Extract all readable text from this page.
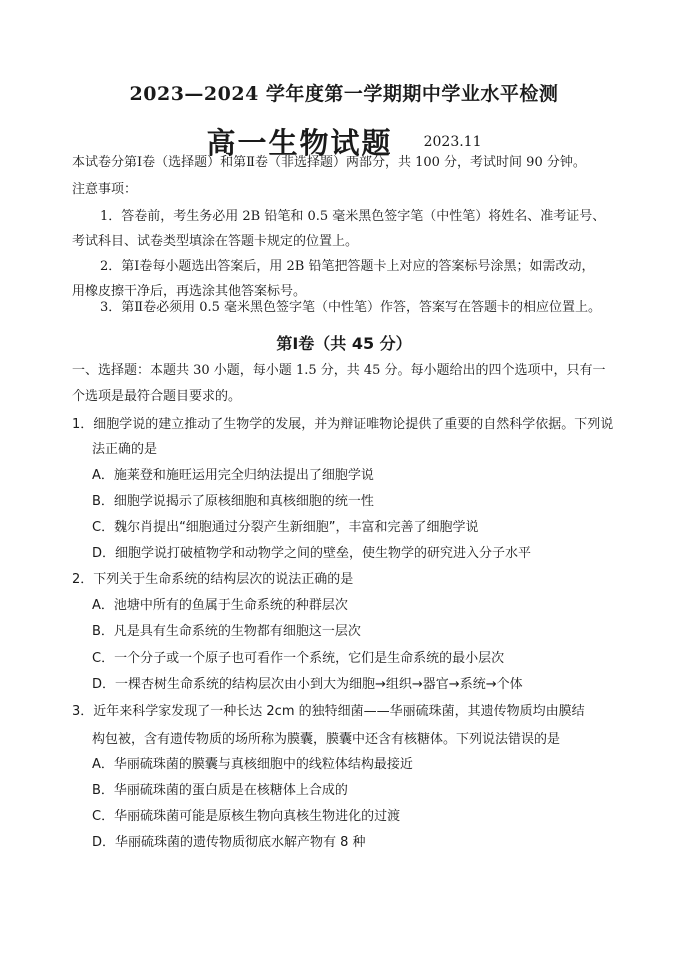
2023—2024 学年度第一学期期中学业水平检测
高一生物试题 2023.11
本试卷分第Ⅰ卷（选择题）和第Ⅱ卷（非选择题）两部分，共 100 分，考试时间 90 分钟。
注意事项：
1．答卷前，考生务必用 2B 铅笔和 0.5 毫米黑色签字笔（中性笔）将姓名、准考证号、
考试科目、试卷类型填涂在答题卡规定的位置上。
2．第Ⅰ卷每小题选出答案后，用 2B 铅笔把答题卡上对应的答案标号涂黑；如需改动，
用橡皮擦干净后，再选涂其他答案标号。
3．第Ⅱ卷必须用 0.5 毫米黑色签字笔（中性笔）作答，答案写在答题卡的相应位置上。
第Ⅰ卷（共 45 分）
一、选择题：本题共 30 小题，每小题 1.5 分，共 45 分。每小题给出的四个选项中，只有一
个选项是最符合题目要求的。
1．细胞学说的建立推动了生物学的发展，并为辩证唯物论提供了重要的自然科学依据。下列说
法正确的是
A．施莱登和施旺运用完全归纳法提出了细胞学说
B．细胞学说揭示了原核细胞和真核细胞的统一性
C．魏尔肖提出“细胞通过分裂产生新细胞”，丰富和完善了细胞学说
D．细胞学说打破植物学和动物学之间的壁垒，使生物学的研究进入分子水平
2．下列关于生命系统的结构层次的说法正确的是
A．池塘中所有的鱼属于生命系统的种群层次
B．凡是具有生命系统的生物都有细胞这一层次
C．一个分子或一个原子也可看作一个系统，它们是生命系统的最小层次
D．一棵杏树生命系统的结构层次由小到大为细胞→组织→器官→系统→个体
3．近年来科学家发现了一种长达 2cm 的独特细菌——华丽硫珠菌，其遗传物质均由膜结
构包被，含有遗传物质的场所称为膜囊，膜囊中还含有核糖体。下列说法错误的是
A．华丽硫珠菌的膜囊与真核细胞中的线粒体结构最接近
B．华丽硫珠菌的蛋白质是在核糖体上合成的
C．华丽硫珠菌可能是原核生物向真核生物进化的过渡
D．华丽硫珠菌的遗传物质彻底水解产物有 8 种
